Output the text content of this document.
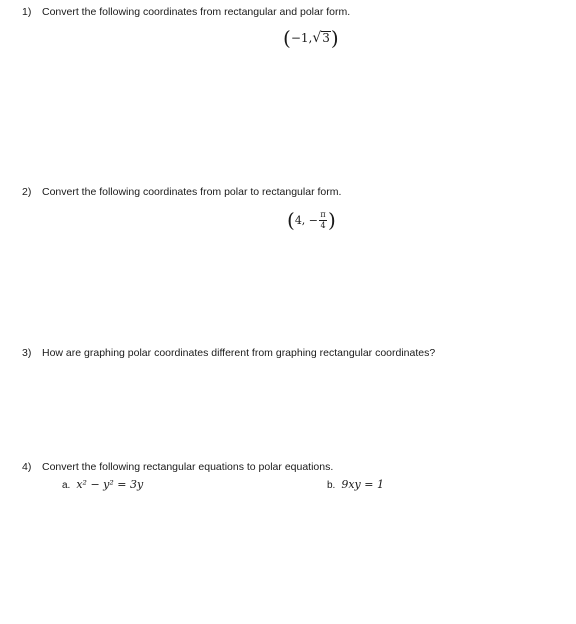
1) Convert the following coordinates from rectangular and polar form.
( −1, √ 3 )
2) Convert the following coordinates from polar to rectangular form.
( 4, − $\frac{\pi}{4}$ )
3) How are graphing polar coordinates different from graphing rectangular coordinates?
4) Convert the following rectangular equations to polar equations.
a. x² − y² = 3y	b. 9xy = 1
